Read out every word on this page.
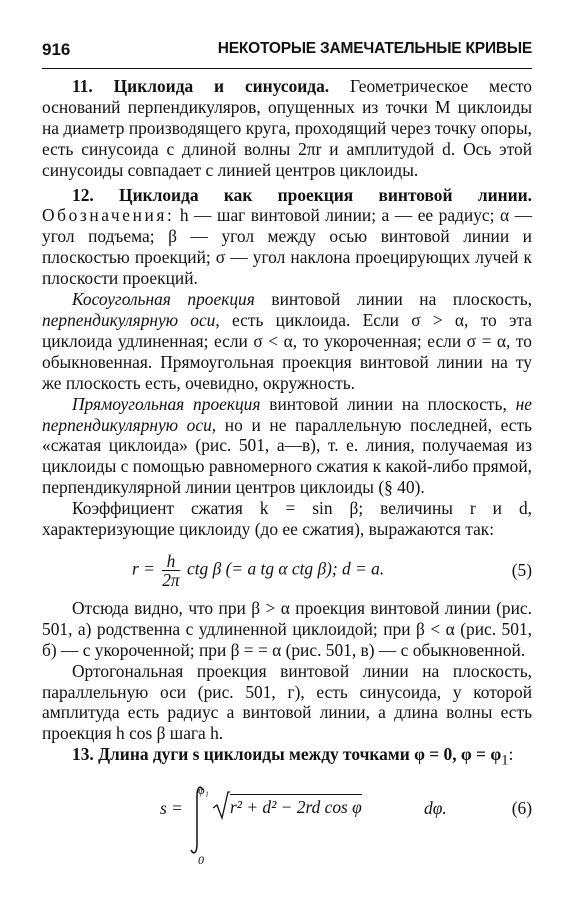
916	НЕКОТОРЫЕ ЗАМЕЧАТЕЛЬНЫЕ КРИВЫЕ

11. Циклоида и синусоида. Геометрическое место оснований перпендикуляров, опущенных из точки M циклоиды на диаметр производящего круга, проходящий через точку опоры, есть синусоида с длиной волны 2πr и амплитудой d. Ось этой синусоиды совпадает с линией центров циклоиды.

12. Циклоида как проекция винтовой линии. Обозначения: h — шаг винтовой линии; a — ее радиус; α — угол подъема; β — угол между осью винтовой линии и плоскостью проекций; σ — угол наклона проецирующих лучей к плоскости проекций.

Косоугольная проекция винтовой линии на плоскость, перпендикулярную оси, есть циклоида. Если σ > α, то эта циклоида удлиненная; если σ < α, то укороченная; если σ = α, то обыкновенная. Прямоугольная проекция винтовой линии на ту же плоскость есть, очевидно, окружность.

Прямоугольная проекция винтовой линии на плоскость, не перпендикулярную оси, но и не параллельную последней, есть «сжатая циклоида» (рис. 501, а—в), т. е. линия, получаемая из циклоиды с помощью равномерного сжатия к какой-либо прямой, перпендикулярной линии центров циклоиды (§ 40).

Коэффициент сжатия k = sin β; величины r и d, характеризующие циклоиду (до ее сжатия), выражаются так:

$r = \frac{h}{2\pi}$ ctg β (= a tg α ctg β); d = a.	(5)

Отсюда видно, что при β > α проекция винтовой линии (рис. 501, а) родственна с удлиненной циклоидой; при β < α (рис. 501, б) — с укороченной; при β = = α (рис. 501, в) — с обыкновенной.

Ортогональная проекция винтовой линии на плоскость, параллельную оси (рис. 501, г), есть синусоида, у которой амплитуда есть радиус a винтовой линии, а длина волны есть проекция h cos β шага h.

13. Длина дуги s циклоиды между точками φ = 0, $\varphi = \varphi_1$:

s =
φ₁
0
r² + d² − 2rd cos φ	dφ.	(6)
